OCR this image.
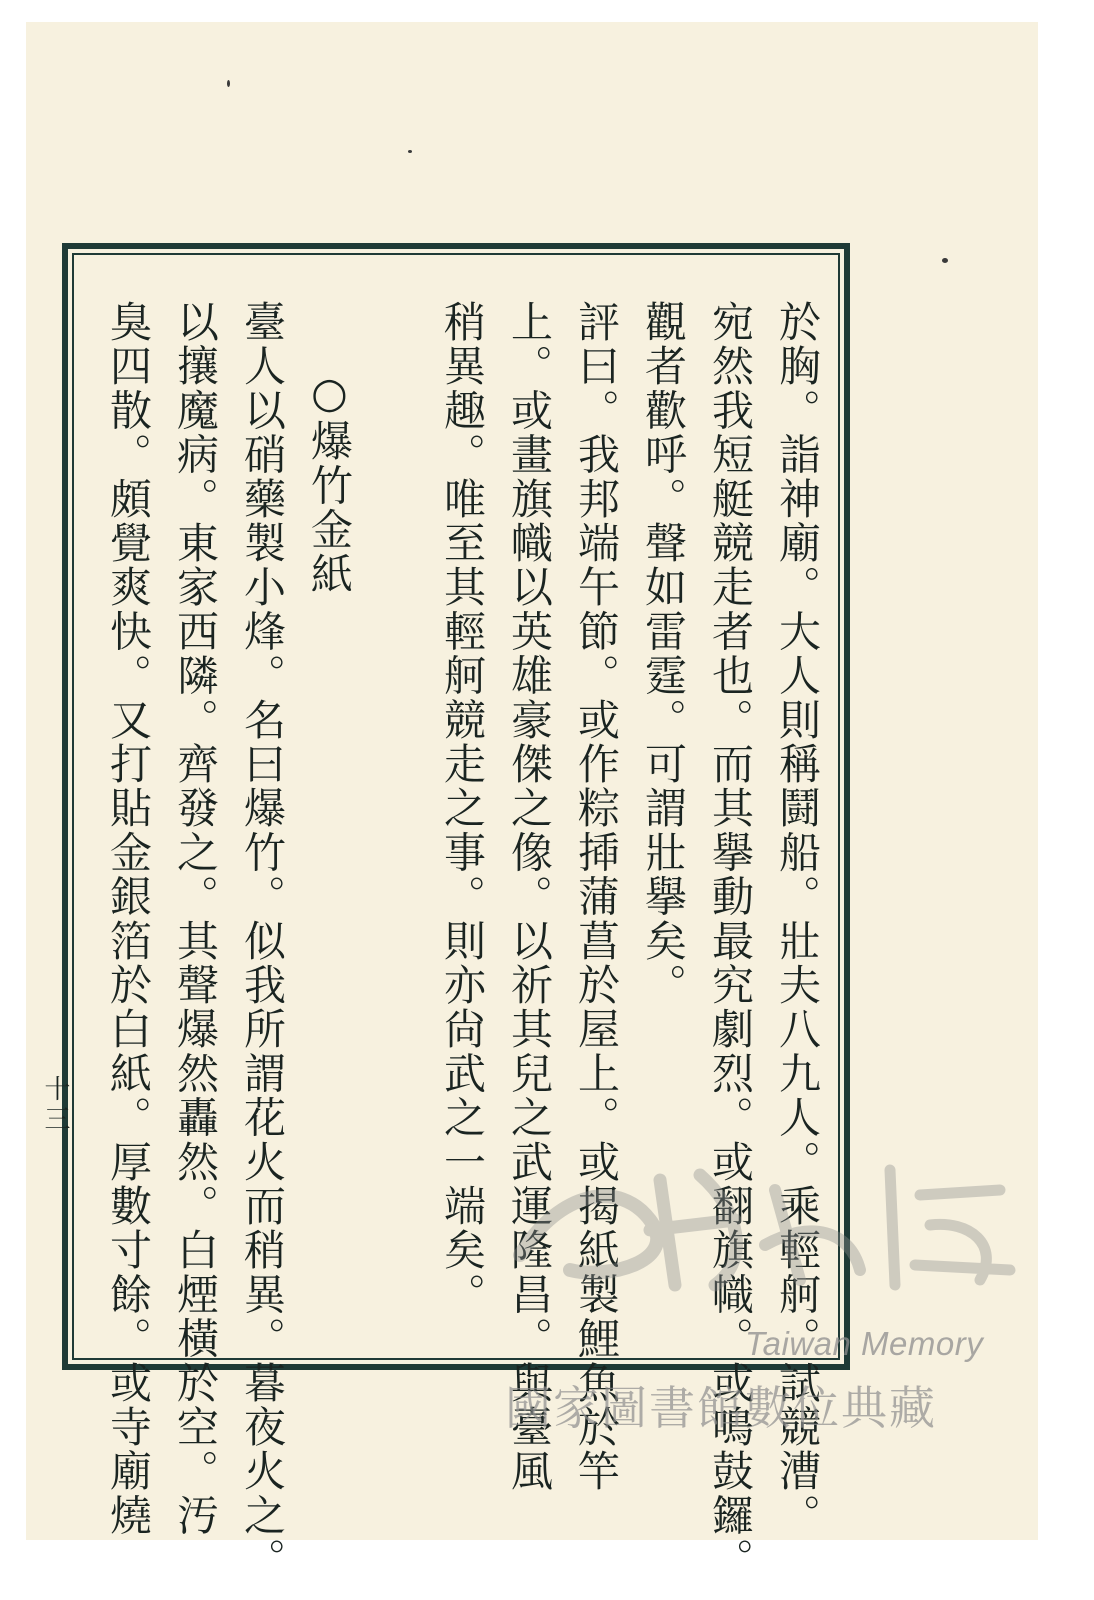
於胸。詣神廟。大人則稱鬪船。壯夫八九人。乘輕舸。試競漕。
宛然我短艇競走者也。而其擧動最究劇烈。或翻旗幟。或鳴鼓鑼。
觀者歡呼。聲如雷霆。可謂壯擧矣。
評曰。我邦端午節。或作粽揷蒲菖於屋上。或揭紙製鯉魚於竿
上。或畫旗幟以英雄豪傑之像。以祈其兒之武運隆昌。與臺風
稍異趣。唯至其輕舸競走之事。則亦尙武之一端矣。
○爆竹金紙
臺人以硝藥製小烽。名曰爆竹。似我所謂花火而稍異。暮夜火之。
以攘魔病。東家西隣。齊發之。其聲爆然轟然。白煙橫於空。汚
臭四散。頗覺爽快。又打貼金銀箔於白紙。厚數寸餘。或寺廟燒
十三
Taiwan Memory
國家圖書館數位典藏
